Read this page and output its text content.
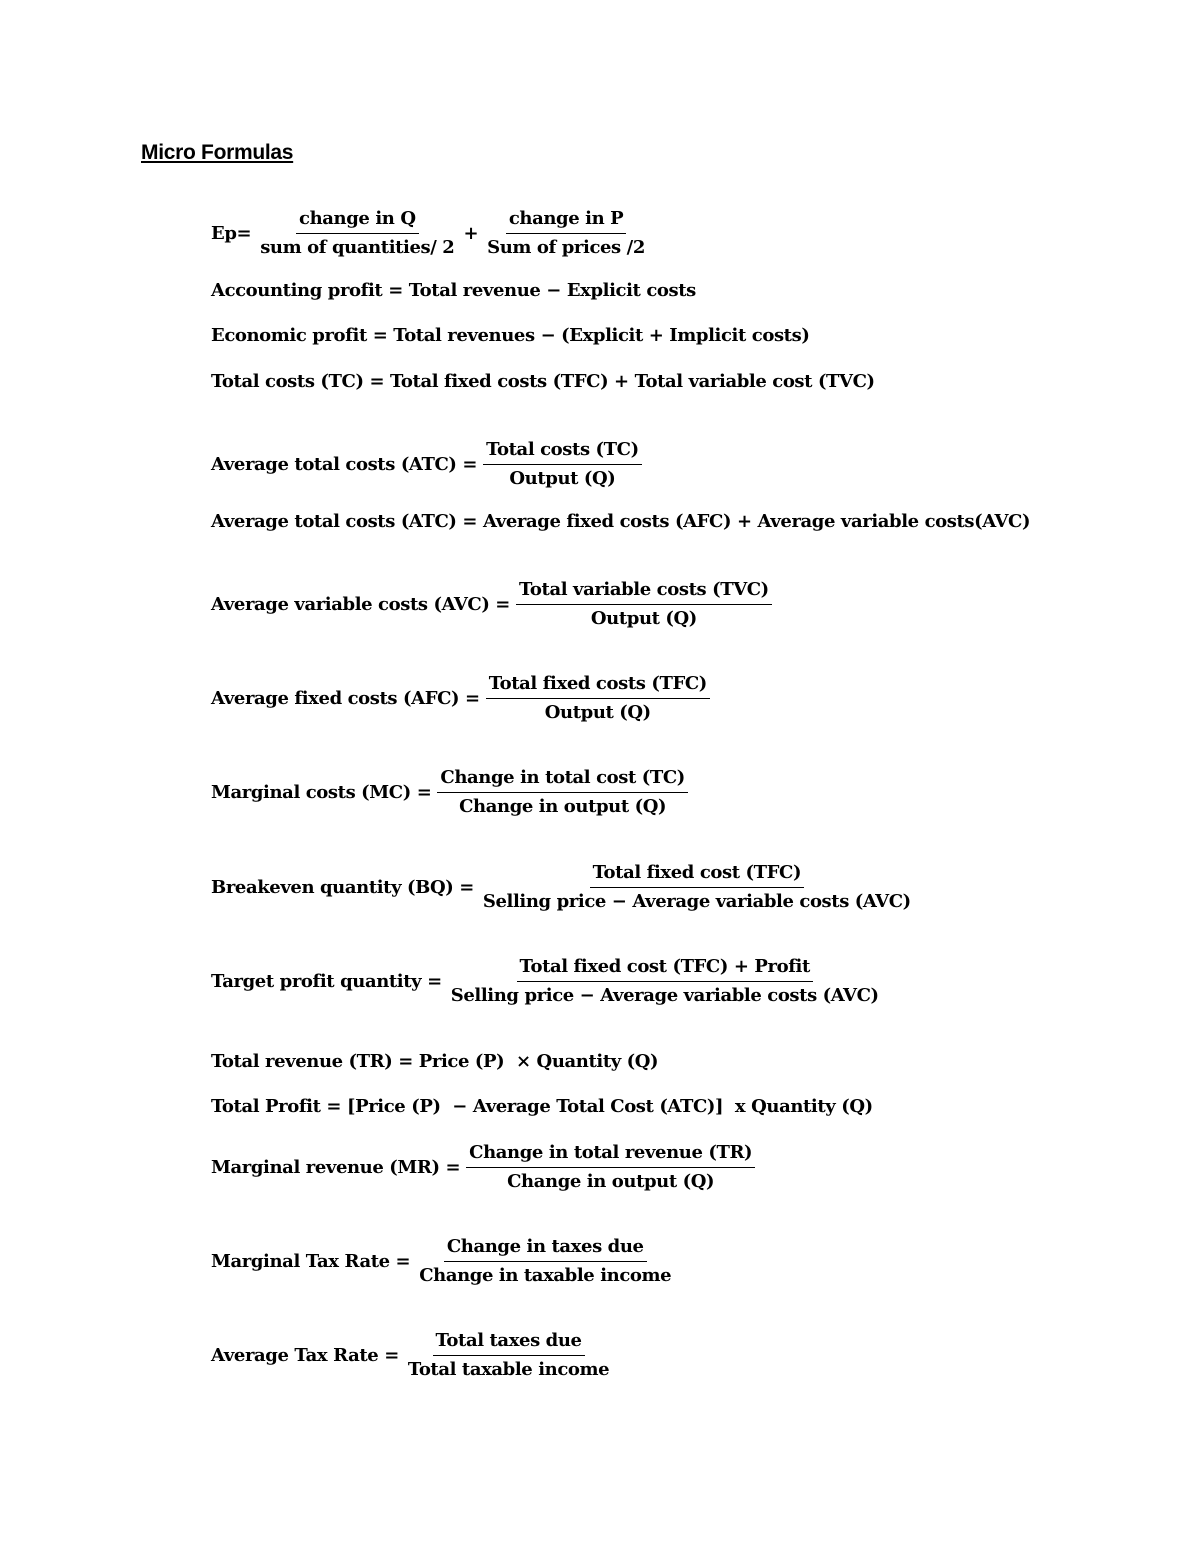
Micro Formulas
$Ep= \frac{\text{change in Q}}{\text{sum of quantities/ 2}} + \frac{\text{change in P}}{\text{Sum of prices /2}}$
Accounting profit = Total revenue − Explicit costs
Economic profit = Total revenues − (Explicit + Implicit costs)
Total costs (TC) = Total fixed costs (TFC) + Total variable cost (TVC)
Average total costs $(ATC) = \frac{\text{Total costs (TC)}}{\text{Output (Q)}}$
Average total costs (ATC) = Average fixed costs (AFC) + Average variable costs(AVC)
Average variable costs $(AVC) = \frac{\text{Total variable costs (TVC)}}{\text{Output (Q)}}$
Average fixed costs $(AFC) = \frac{\text{Total fixed costs (TFC)}}{\text{Output (Q)}}$
Marginal costs $(MC) = \frac{\text{Change in total cost (TC)}}{\text{Change in output (Q)}}$
Breakeven quantity $(BQ) = \frac{\text{Total fixed cost (TFC)}}{\text{Selling price − Average variable costs (AVC)}}$
Target profit quantity = $\frac{\text{Total fixed cost (TFC) + Profit}}{\text{Selling price − Average variable costs (AVC)}}$
Total revenue (TR) = Price (P)  × Quantity (Q)
Total Profit = [Price (P)  − Average Total Cost (ATC)]  x Quantity (Q)
Marginal revenue $(MR) = \frac{\text{Change in total revenue (TR)}}{\text{Change in output (Q)}}$
Marginal Tax Rate = $\frac{\text{Change in taxes due}}{\text{Change in taxable income}}$
Average Tax Rate = $\frac{\text{Total taxes due}}{\text{Total taxable income}}$
